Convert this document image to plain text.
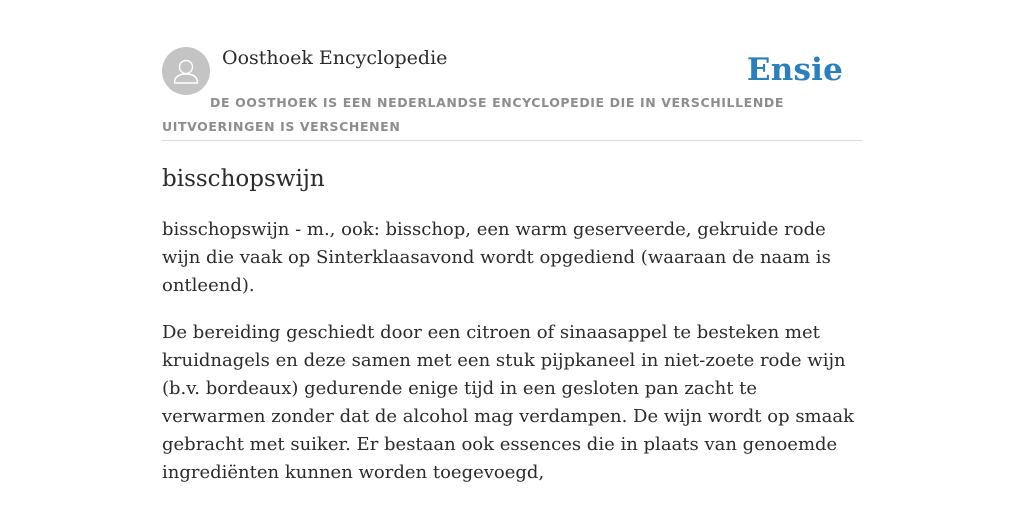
Oosthoek Encyclopedie	Ensie
DE OOSTHOEK IS EEN NEDERLANDSE ENCYCLOPEDIE DIE IN VERSCHILLENDE UITVOERINGEN IS VERSCHENEN
bisschopswijn

bisschopswijn - m., ook: bisschop, een warm geserveerde, gekruide rode wijn die vaak op Sinterklaasavond wordt opgediend (waaraan de naam is ontleend).

De bereiding geschiedt door een citroen of sinaasappel te besteken met kruidnagels en deze samen met een stuk pijpkaneel in niet-zoete rode wijn (b.v. bordeaux) gedurende enige tijd in een gesloten pan zacht te verwarmen zonder dat de alcohol mag verdampen. De wijn wordt op smaak gebracht met suiker. Er bestaan ook essences die in plaats van genoemde ingrediënten kunnen worden toegevoegd,
